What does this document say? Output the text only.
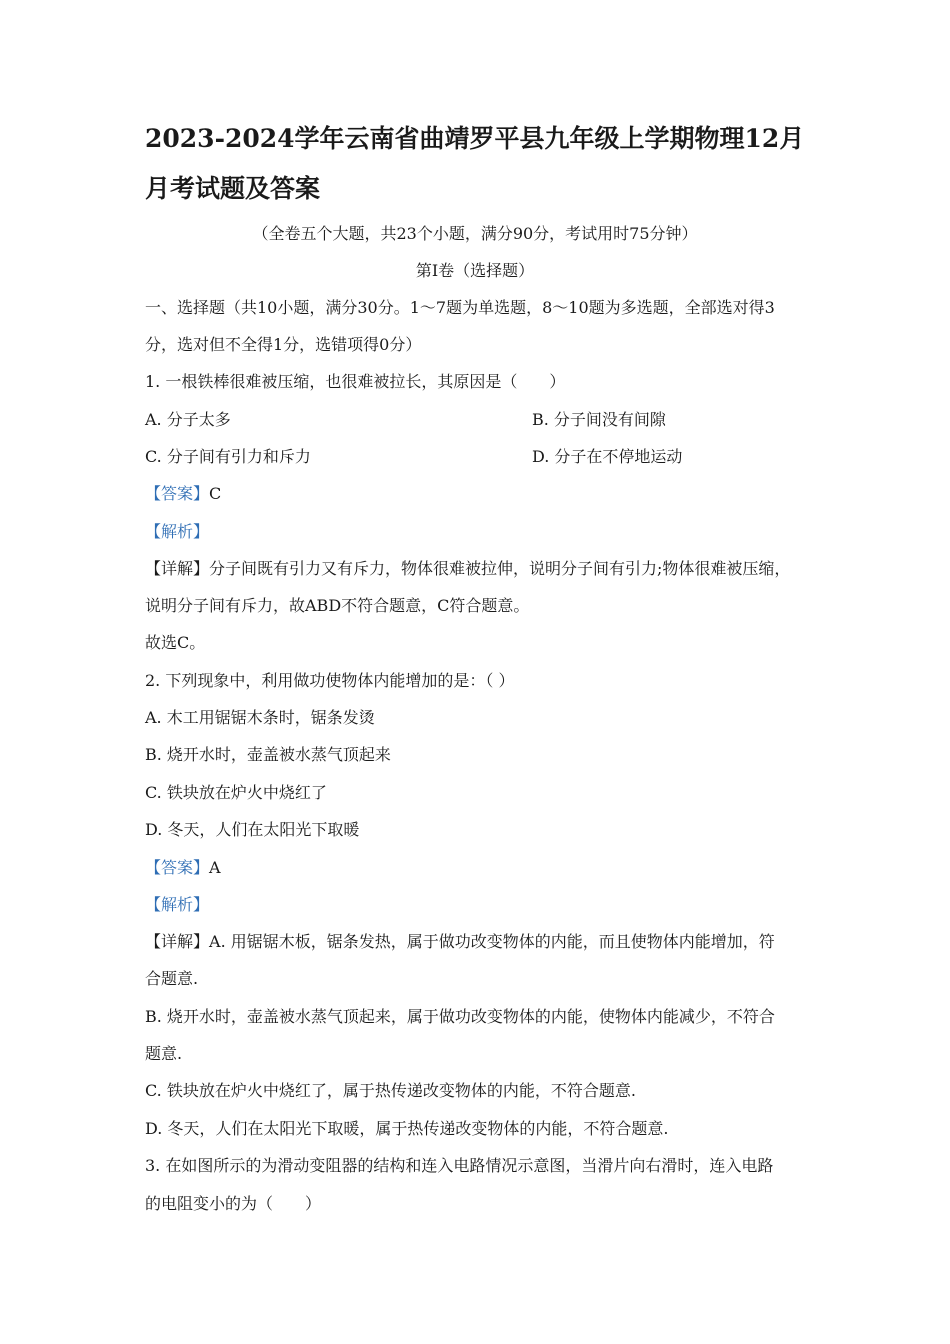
2023-2024学年云南省曲靖罗平县九年级上学期物理12月
月考试题及答案
（全卷五个大题，共23个小题，满分90分，考试用时75分钟）
第Ⅰ卷（选择题）
一、选择题（共10小题，满分30分。1～7题为单选题，8～10题为多选题，全部选对得3
分，选对但不全得1分，选错项得0分）
1. 一根铁棒很难被压缩，也很难被拉长，其原因是（　　）
A. 分子太多	B. 分子间没有间隙
C. 分子间有引力和斥力	D. 分子在不停地运动
【答案】C
【解析】
【详解】分子间既有引力又有斥力，物体很难被拉伸，说明分子间有引力;物体很难被压缩，
说明分子间有斥力，故ABD不符合题意，C符合题意。
故选C。
2. 下列现象中，利用做功使物体内能增加的是：（ ）
A. 木工用锯锯木条时，锯条发烫
B. 烧开水时，壶盖被水蒸气顶起来
C. 铁块放在炉火中烧红了
D. 冬天，人们在太阳光下取暖
【答案】A
【解析】
【详解】A. 用锯锯木板，锯条发热，属于做功改变物体的内能，而且使物体内能增加，符
合题意.
B. 烧开水时，壶盖被水蒸气顶起来，属于做功改变物体的内能，使物体内能减少，不符合
题意.
C. 铁块放在炉火中烧红了，属于热传递改变物体的内能，不符合题意.
D. 冬天，人们在太阳光下取暖，属于热传递改变物体的内能，不符合题意.
3. 在如图所示的为滑动变阻器的结构和连入电路情况示意图，当滑片向右滑时，连入电路
的电阻变小的为（　　）
